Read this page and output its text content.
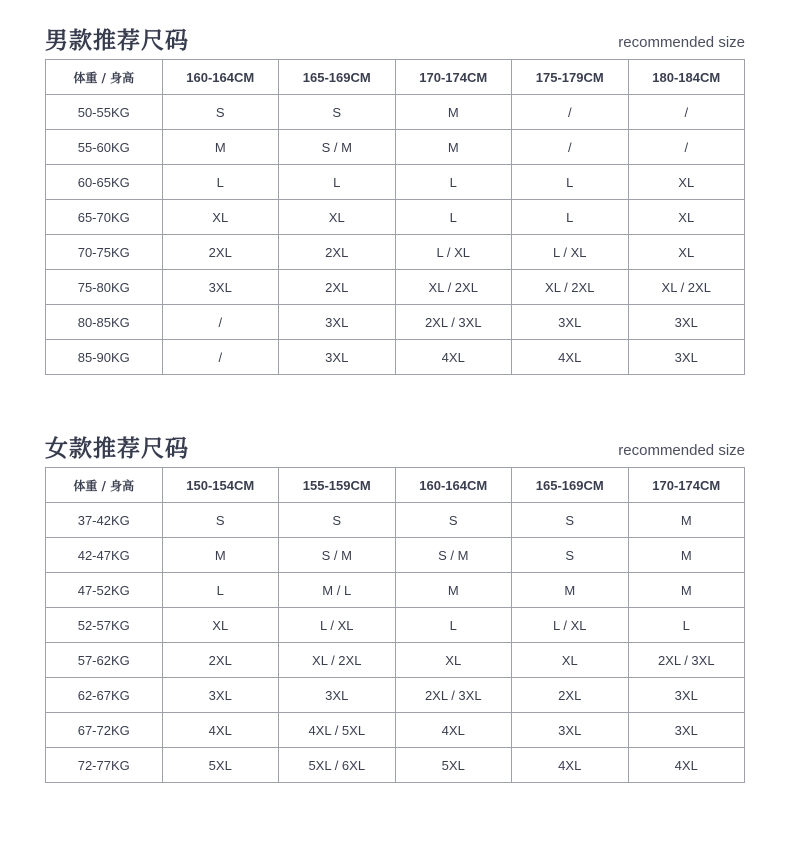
男款推荐尺码	recommended size
体重 / 身高	160-164CM	165-169CM	170-174CM	175-179CM	180-184CM
50-55KG	S	S	M	/	/
55-60KG	M	S / M	M	/	/
60-65KG	L	L	L	L	XL
65-70KG	XL	XL	L	L	XL
70-75KG	2XL	2XL	L / XL	L / XL	XL
75-80KG	3XL	2XL	XL / 2XL	XL / 2XL	XL / 2XL
80-85KG	/	3XL	2XL / 3XL	3XL	3XL
85-90KG	/	3XL	4XL	4XL	3XL
女款推荐尺码	recommended size
体重 / 身高	150-154CM	155-159CM	160-164CM	165-169CM	170-174CM
37-42KG	S	S	S	S	M
42-47KG	M	S / M	S / M	S	M
47-52KG	L	M / L	M	M	M
52-57KG	XL	L / XL	L	L / XL	L
57-62KG	2XL	XL / 2XL	XL	XL	2XL / 3XL
62-67KG	3XL	3XL	2XL / 3XL	2XL	3XL
67-72KG	4XL	4XL / 5XL	4XL	3XL	3XL
72-77KG	5XL	5XL / 6XL	5XL	4XL	4XL
